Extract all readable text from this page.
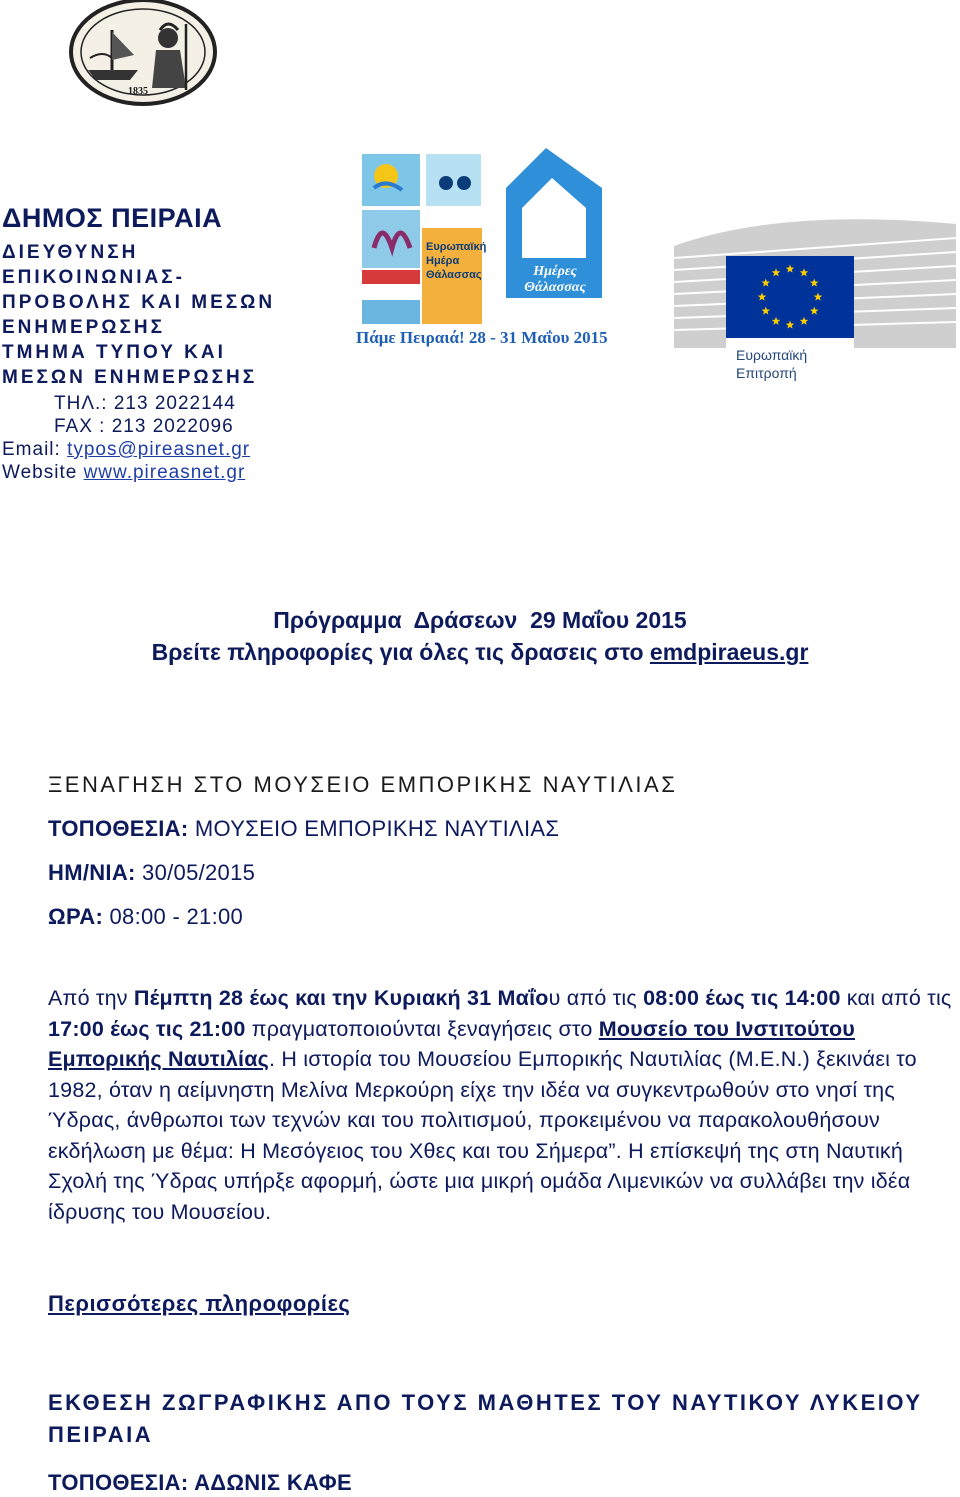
1835
Ευρωπαϊκή Ημέρα Θάλασσας	Ημέρες Θάλασσας
Πάμε Πειραιά! 28 - 31 Μαΐου 2015
Ευρωπαϊκή Επιτροπή
ΔΗΜΟΣ ΠΕΙΡΑΙΑ
ΔΙΕΥΘΥΝΣΗ
ΕΠΙΚΟΙΝΩΝΙΑΣ-
ΠΡΟΒΟΛΗΣ ΚΑΙ ΜΕΣΩΝ
ΕΝΗΜΕΡΩΣΗΣ
ΤΜΗΜΑ ΤΥΠΟΥ ΚΑΙ
ΜΕΣΩΝ ΕΝΗΜΕΡΩΣΗΣ
ΤΗΛ.: 213 2022144
FAX : 213 2022096
Email: typos@pireasnet.gr
Website www.pireasnet.gr
Πρόγραμμα  Δράσεων  29 Μαΐου 2015
Βρείτε πληροφορίες για όλες τις δρασεις στο emdpiraeus.gr
ΞΕΝΑΓΗΣΗ ΣΤΟ ΜΟΥΣΕΙΟ ΕΜΠΟΡΙΚΗΣ ΝΑΥΤΙΛΙΑΣ
ΤΟΠΟΘΕΣΙΑ: ΜΟΥΣΕΙΟ ΕΜΠΟΡΙΚΗΣ ΝΑΥΤΙΛΙΑΣ
ΗΜ/ΝΙΑ: 30/05/2015
ΩΡΑ: 08:00 - 21:00
Από την Πέμπτη 28 έως και την Κυριακή 31 Μαΐου από τις 08:00 έως τις 14:00 και από τις 17:00 έως τις 21:00 πραγματοποιούνται ξεναγήσεις στο Μουσείο του Ινστιτούτου Εμπορικής Ναυτιλίας. Η ιστορία του Μουσείου Εμπορικής Ναυτιλίας (Μ.Ε.Ν.) ξεκινάει το 1982, όταν η αείμνηστη Μελίνα Μερκούρη είχε την ιδέα να συγκεντρωθούν στο νησί της Ύδρας, άνθρωποι των τεχνών και του πολιτισμού, προκειμένου να παρακολουθήσουν εκδήλωση με θέμα: Η Μεσόγειος του Χθες και του Σήμερα”. Η επίσκεψή της στη Ναυτική Σχολή της Ύδρας υπήρξε αφορμή, ώστε μια μικρή ομάδα Λιμενικών να συλλάβει την ιδέα ίδρυσης του Μουσείου.
Περισσότερες πληροφορίες
ΕΚΘΕΣΗ ΖΩΓΡΑΦΙΚΗΣ ΑΠΟ ΤΟΥΣ ΜΑΘΗΤΕΣ ΤΟΥ ΝΑΥΤΙΚΟΥ ΛΥΚΕΙΟΥ ΠΕΙΡΑΙΑ
ΤΟΠΟΘΕΣΙΑ: ΑΔΩΝΙΣ ΚΑΦΕ
